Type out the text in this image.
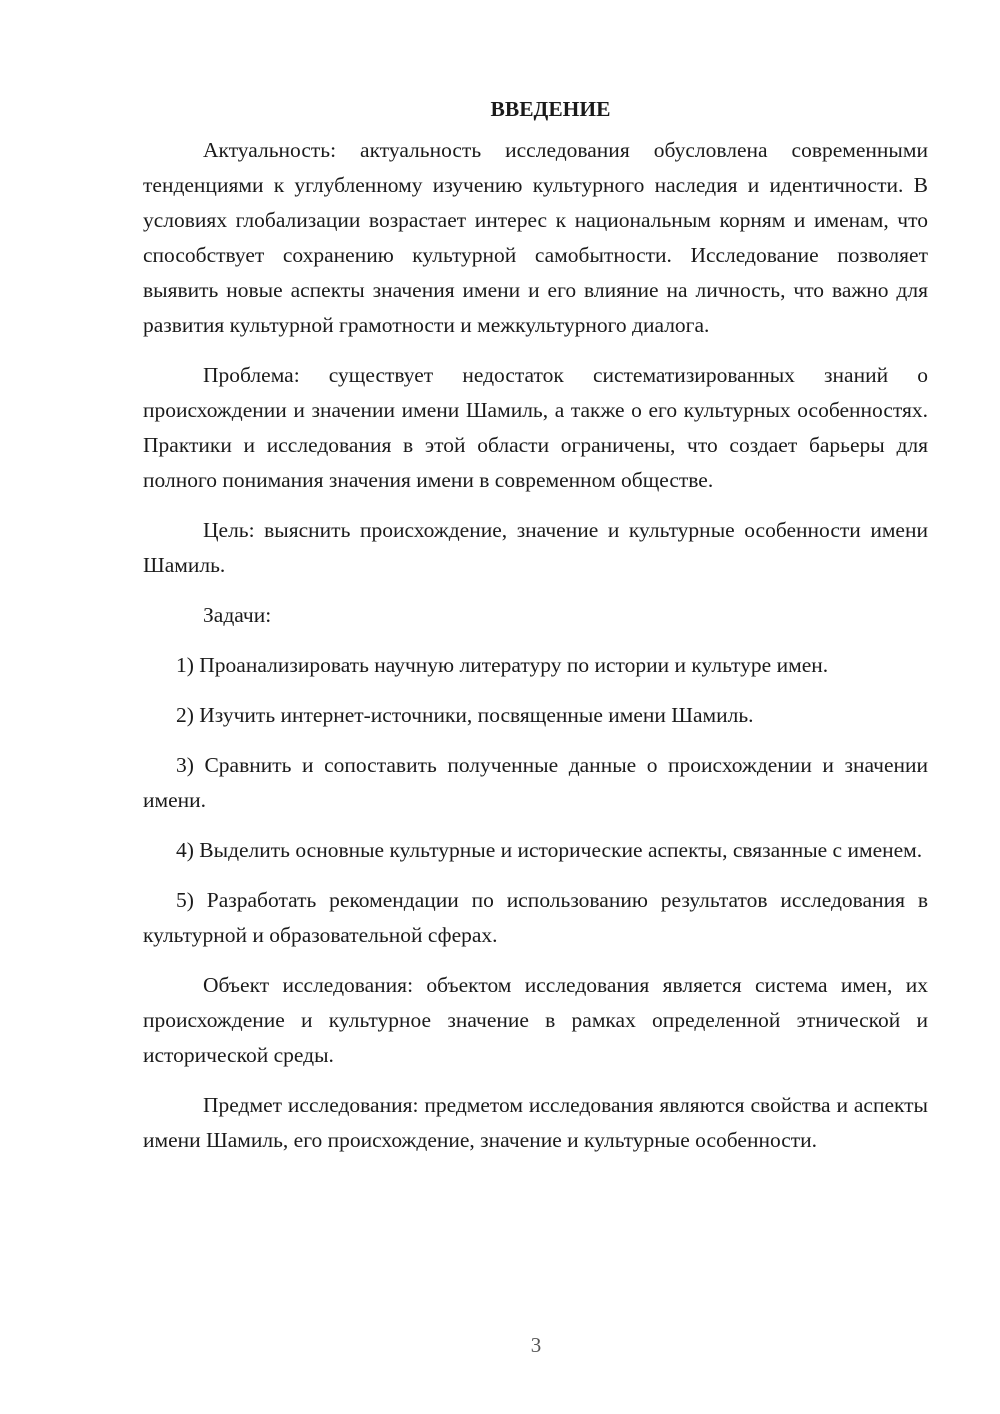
ВВЕДЕНИЕ

Актуальность: актуальность исследования обусловлена современными тенденциями к углубленному изучению культурного наследия и идентичности. В условиях глобализации возрастает интерес к национальным корням и именам, что способствует сохранению культурной самобытности. Исследование позволяет выявить новые аспекты значения имени и его влияние на личность, что важно для развития культурной грамотности и межкультурного диалога.

Проблема: существует недостаток систематизированных знаний о происхождении и значении имени Шамиль, а также о его культурных особенностях. Практики и исследования в этой области ограничены, что создает барьеры для полного понимания значения имени в современном обществе.

Цель: выяснить происхождение, значение и культурные особенности имени Шамиль.

Задачи:

1) Проанализировать научную литературу по истории и культуре имен.

2) Изучить интернет-источники, посвященные имени Шамиль.

3) Сравнить и сопоставить полученные данные о происхождении и значении имени.

4) Выделить основные культурные и исторические аспекты, связанные с именем.

5) Разработать рекомендации по использованию результатов исследования в культурной и образовательной сферах.

Объект исследования: объектом исследования является система имен, их происхождение и культурное значение в рамках определенной этнической и исторической среды.

Предмет исследования: предметом исследования являются свойства и аспекты имени Шамиль, его происхождение, значение и культурные особенности.

3
